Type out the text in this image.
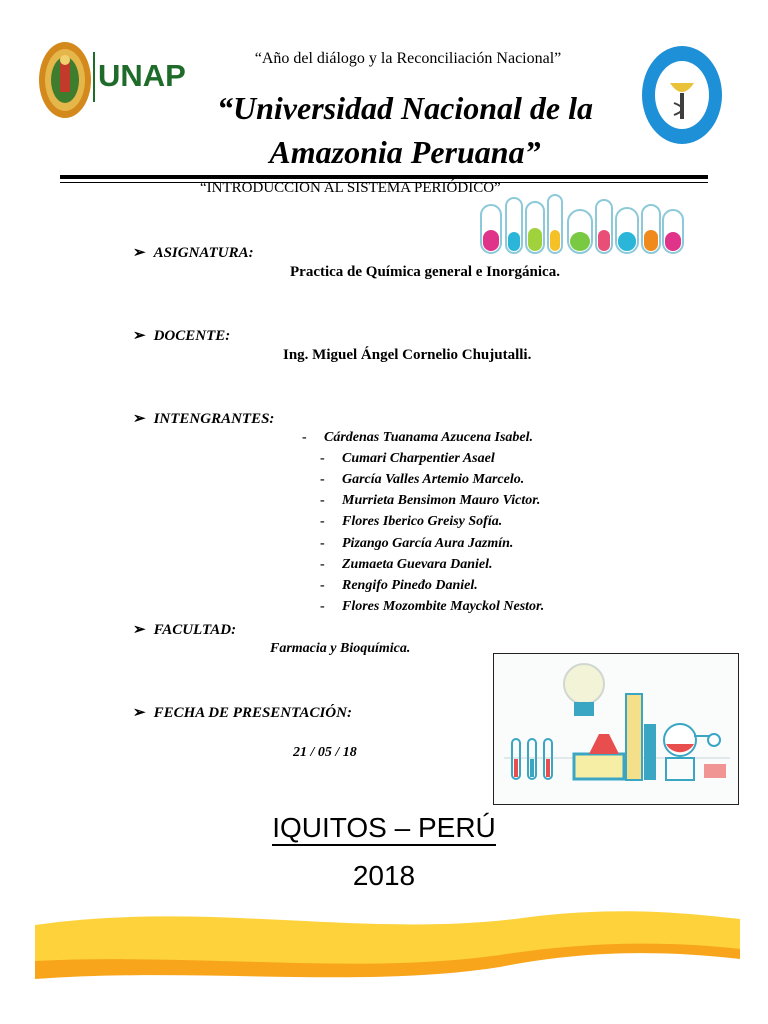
UNAP	“Año del diálogo y la Reconciliación Nacional”
“Universidad Nacional de la
Amazonia Peruana”
“INTRODUCCION AL SISTEMA PERIÓDICO”
➢ ASIGNATURA:
Practica de Química general e Inorgánica.
➢ DOCENTE:
Ing. Miguel Ángel Cornelio Chujutalli.
➢ INTENGRANTES:
- Cárdenas Tuanama Azucena Isabel.
- Cumari Charpentier Asael
- García Valles Artemio Marcelo.
- Murrieta Bensimon Mauro Victor.
- Flores Iberico Greisy Sofía.
- Pizango García Aura Jazmín.
- Zumaeta Guevara Daniel.
- Rengifo Pineđo Daniel.
- Flores Mozombite Mayckol Nestor.
➢ FACULTAD:
Farmacia y Bioquímica.
➢ FECHA DE PRESENTACIÓN:
21 / 05 / 18
IQUITOS – PERÚ
2018
